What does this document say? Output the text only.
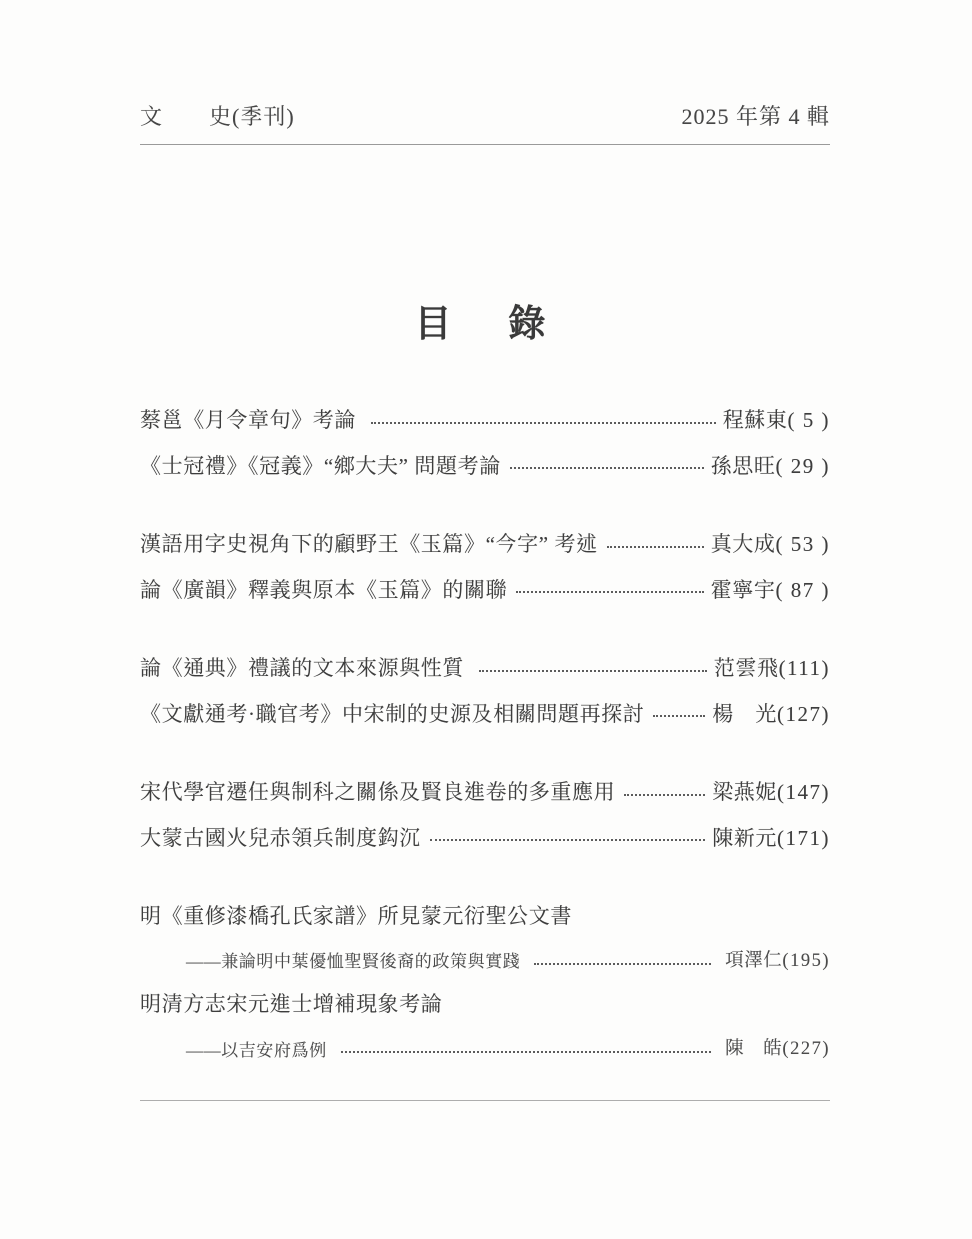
文　　史(季刊)	2025 年第 4 輯
目　錄
蔡邕《月令章句》考論	程蘇東 ( 5 )
《士冠禮》《冠義》“鄉大夫” 問題考論	孫思旺 ( 29 )
漢語用字史視角下的顧野王《玉篇》“今字” 考述	真大成 ( 53 )
論《廣韻》釋義與原本《玉篇》的關聯	霍寧宇 ( 87 )
論《通典》禮議的文本來源與性質	范雲飛 (111)
《文獻通考·職官考》中宋制的史源及相關問題再探討	楊　光 (127)
宋代學官遷任與制科之關係及賢良進卷的多重應用	梁燕妮 (147)
大蒙古國火兒赤領兵制度鈎沉	陳新元 (171)
明《重修漆橋孔氏家譜》所見蒙元衍聖公文書
——兼論明中葉優恤聖賢後裔的政策與實踐	項澤仁 (195)
明清方志宋元進士增補現象考論
——以吉安府爲例	陳　皓 (227)
